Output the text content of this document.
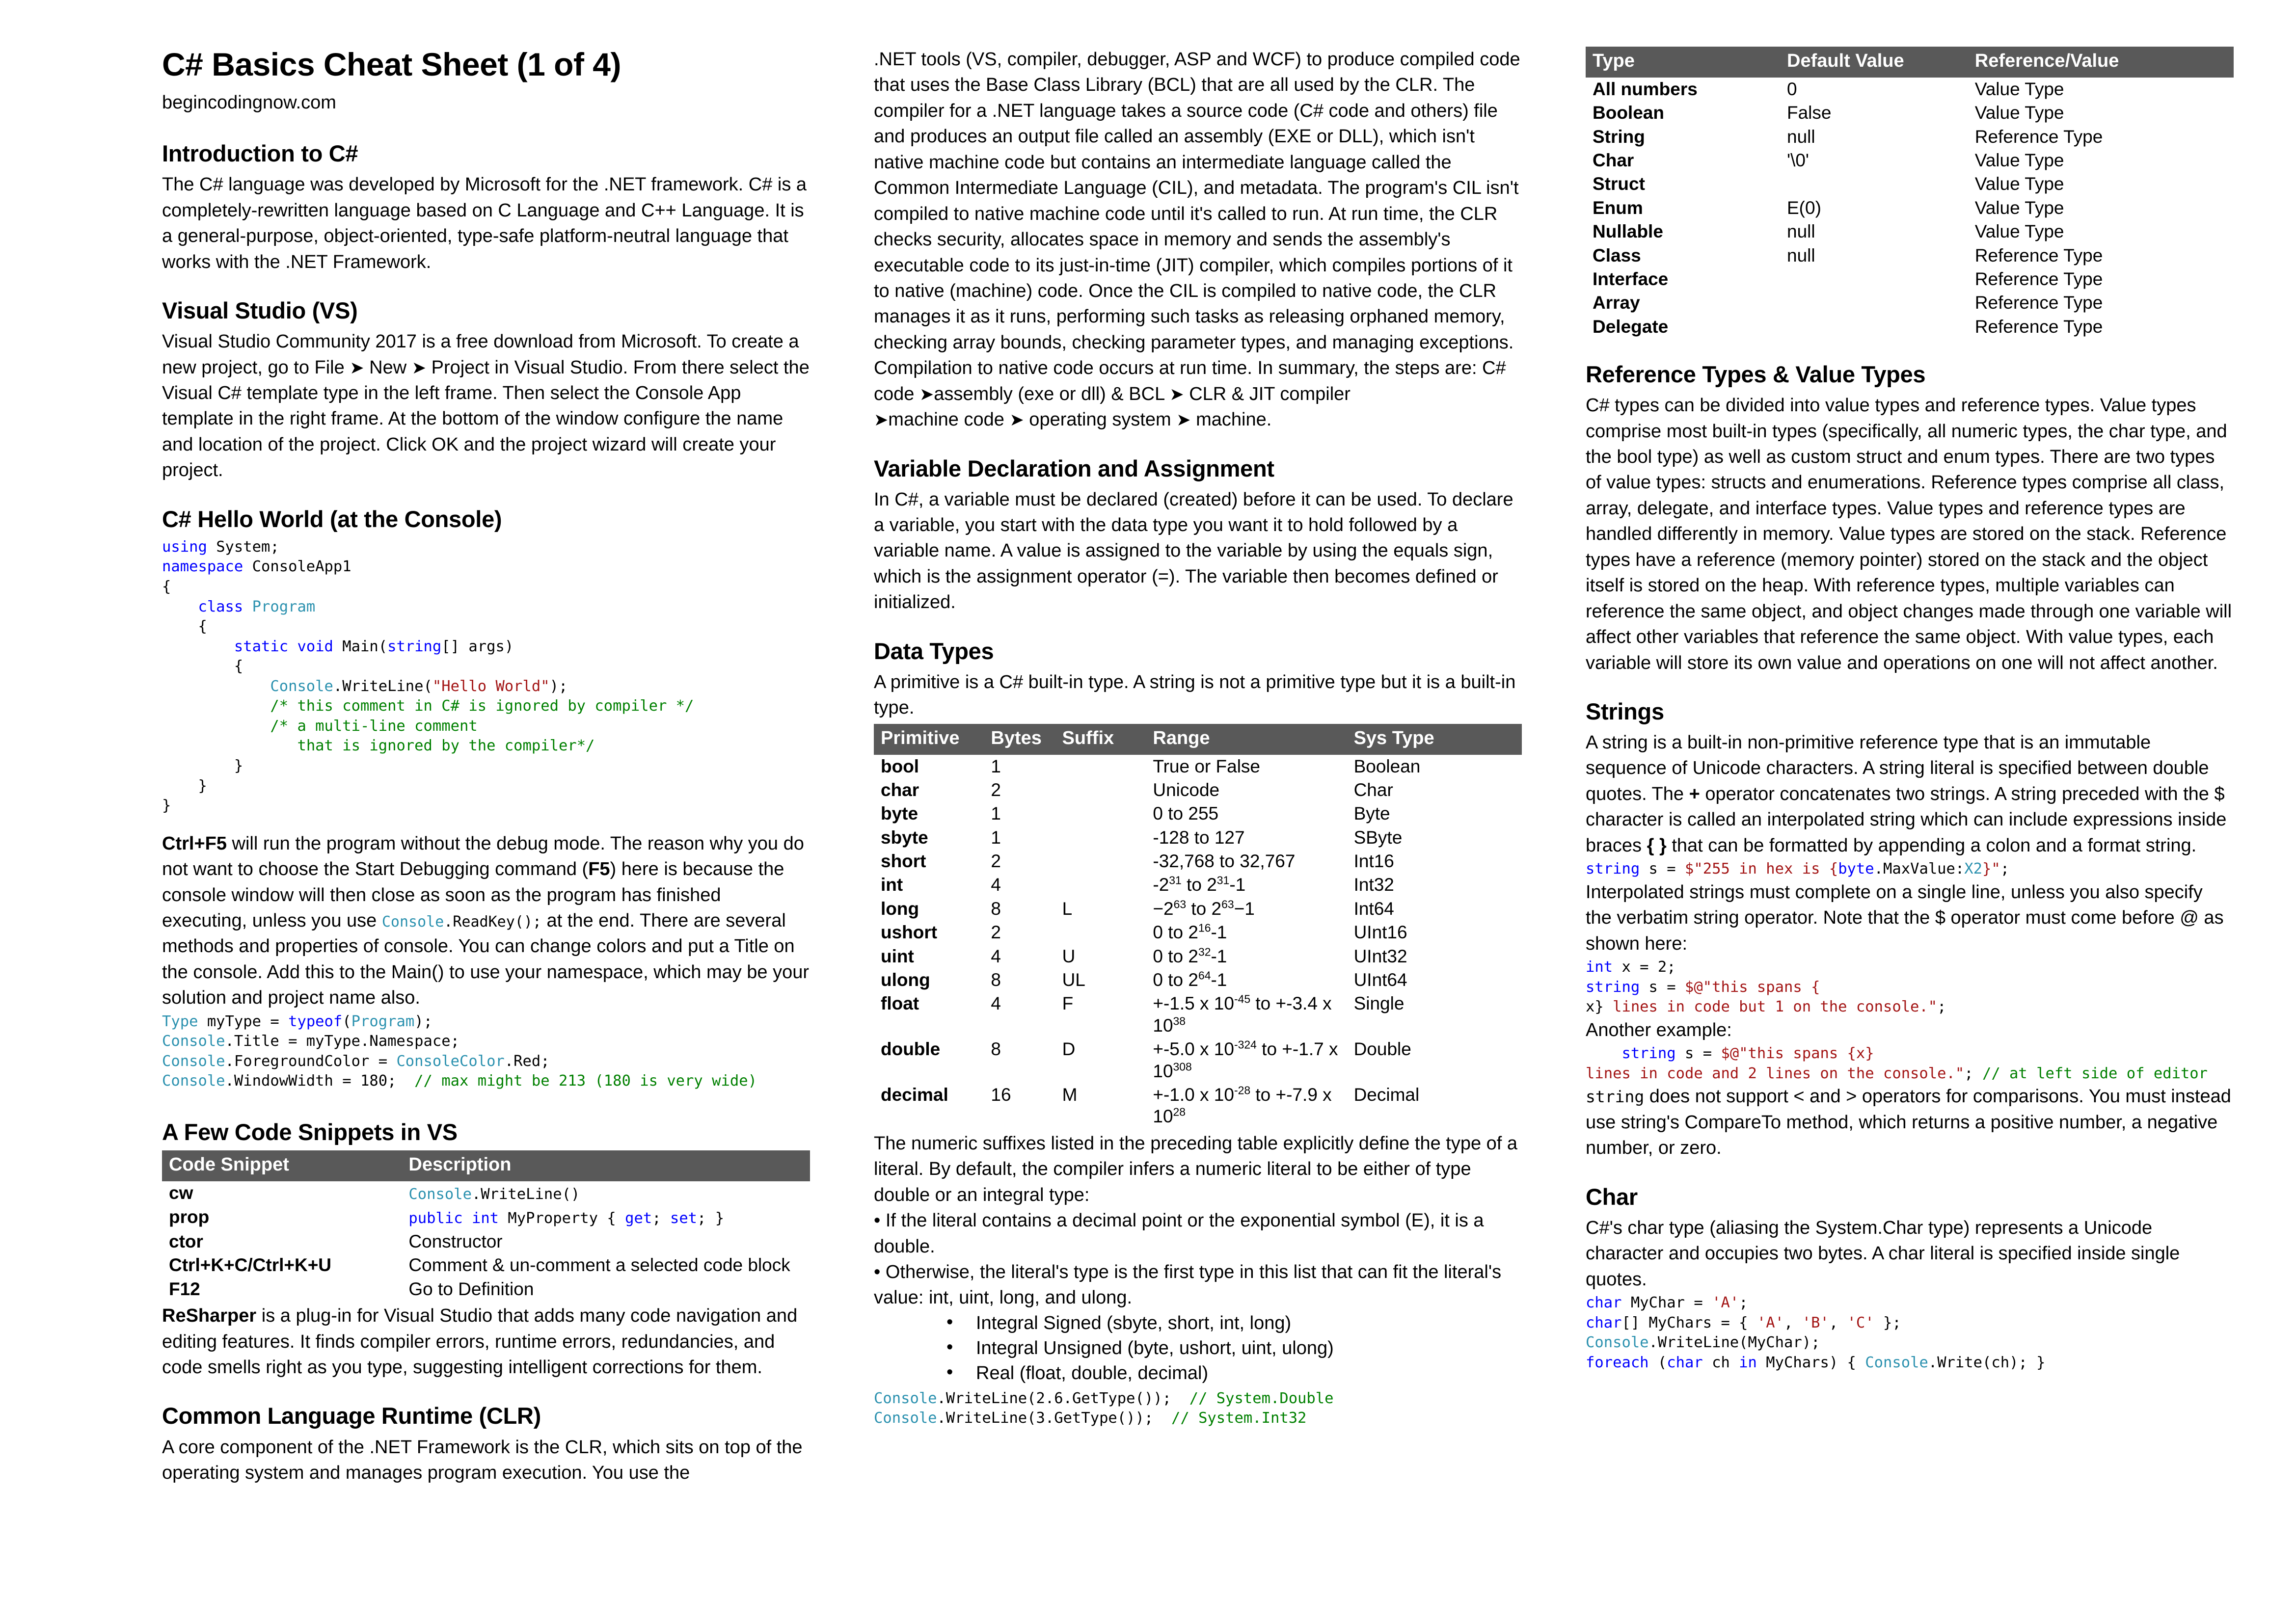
C# Basics Cheat Sheet (1 of 4)
begincodingnow.com
Introduction to C#

The C# language was developed by Microsoft for the .NET framework. C# is a completely-rewritten language based on C Language and C++ Language. It is a general-purpose, object-oriented, type-safe platform-neutral language that works with the .NET Framework.

Visual Studio (VS)

Visual Studio Community 2017 is a free download from Microsoft. To create a new project, go to File ➤ New ➤ Project in Visual Studio. From there select the Visual C# template type in the left frame. Then select the Console App template in the right frame. At the bottom of the window configure the name and location of the project. Click OK and the project wizard will create your project.

C# Hello World (at the Console)
using System;
namespace ConsoleApp1
{
class Program
{
static void Main(string[] args)
{
Console.WriteLine("Hello World");
/* this comment in C# is ignored by compiler */
/* a multi-line comment
that is ignored by the compiler*/
}
}
}

Ctrl+F5 will run the program without the debug mode. The reason why you do not want to choose the Start Debugging command (F5) here is because the console window will then close as soon as the program has finished executing, unless you use Console.ReadKey(); at the end. There are several methods and properties of console. You can change colors and put a Title on the console. Add this to the Main() to use your namespace, which may be your solution and project name also.

Type myType = typeof(Program);
Console.Title = myType.Namespace;
Console.ForegroundColor = ConsoleColor.Red;
Console.WindowWidth = 180;  // max might be 213 (180 is very wide)
A Few Code Snippets in VS
Code Snippet	Description
cw	Console.WriteLine()
prop	public int MyProperty { get; set; }
ctor	Constructor
Ctrl+K+C/Ctrl+K+U	Comment & un-comment a selected code block
F12	Go to Definition

ReSharper is a plug-in for Visual Studio that adds many code navigation and editing features. It finds compiler errors, runtime errors, redundancies, and code smells right as you type, suggesting intelligent corrections for them.

Common Language Runtime (CLR)

A core component of the .NET Framework is the CLR, which sits on top of the operating system and manages program execution. You use the

.NET tools (VS, compiler, debugger, ASP and WCF) to produce compiled code that uses the Base Class Library (BCL) that are all used by the CLR. The compiler for a .NET language takes a source code (C# code and others) file and produces an output file called an assembly (EXE or DLL), which isn't native machine code but contains an intermediate language called the Common Intermediate Language (CIL), and metadata. The program's CIL isn't compiled to native machine code until it's called to run. At run time, the CLR checks security, allocates space in memory and sends the assembly's executable code to its just-in-time (JIT) compiler, which compiles portions of it to native (machine) code. Once the CIL is compiled to native code, the CLR manages it as it runs, performing such tasks as releasing orphaned memory, checking array bounds, checking parameter types, and managing exceptions. Compilation to native code occurs at run time. In summary, the steps are: C# code ➤assembly (exe or dll) & BCL ➤ CLR & JIT compiler
➤machine code ➤ operating system ➤ machine.

Variable Declaration and Assignment

In C#, a variable must be declared (created) before it can be used. To declare a variable, you start with the data type you want it to hold followed by a variable name. A value is assigned to the variable by using the equals sign, which is the assignment operator (=). The variable then becomes defined or initialized.

Data Types

A primitive is a C# built-in type. A string is not a primitive type but it is a built-in type.

Primitive	Bytes	Suffix	Range	Sys Type
bool	1		True or False	Boolean
char	2		Unicode	Char
byte	1		0 to 255	Byte
sbyte	1		-128 to 127	SByte
short	2		-32,768 to 32,767	Int16
int	4		$-2^{31}$ to $2^{31}-1$	Int32
long	8	L	$-2^{63}$ to $2^{63}-1$	Int64
ushort	2		0 to $2^{16}-1$	UInt16
uint	4	U	0 to $2^{32}-1$	UInt32
ulong	8	UL	0 to $2^{64}-1$	UInt64
float	4	F	+-1.5 x $10^{-45}$ to +-3.4 x $10^{38}$	Single
double	8	D	+-5.0 x $10^{-324}$ to +-1.7 x $10^{308}$	Double
decimal	16	M	+-1.0 x $10^{-28}$ to +-7.9 x $10^{28}$	Decimal

The numeric suffixes listed in the preceding table explicitly define the type of a literal. By default, the compiler infers a numeric literal to be either of type double or an integral type:

• If the literal contains a decimal point or the exponential symbol (E), it is a double.

• Otherwise, the literal's type is the first type in this list that can fit the literal's value: int, uint, long, and ulong.

• Integral Signed (sbyte, short, int, long)
• Integral Unsigned (byte, ushort, uint, ulong)
• Real (float, double, decimal)
Console.WriteLine(2.6.GetType());  // System.Double
Console.WriteLine(3.GetType());  // System.Int32
Type	Default Value	Reference/Value
All numbers	0	Value Type
Boolean	False	Value Type
String	null	Reference Type
Char	'\0'	Value Type
Struct		Value Type
Enum	E(0)	Value Type
Nullable	null	Value Type
Class	null	Reference Type
Interface		Reference Type
Array		Reference Type
Delegate		Reference Type
Reference Types & Value Types

C# types can be divided into value types and reference types. Value types comprise most built-in types (specifically, all numeric types, the char type, and the bool type) as well as custom struct and enum types. There are two types of value types: structs and enumerations. Reference types comprise all class, array, delegate, and interface types. Value types and reference types are handled differently in memory. Value types are stored on the stack. Reference types have a reference (memory pointer) stored on the stack and the object itself is stored on the heap. With reference types, multiple variables can reference the same object, and object changes made through one variable will affect other variables that reference the same object. With value types, each variable will store its own value and operations on one will not affect another.

Strings

A string is a built-in non-primitive reference type that is an immutable sequence of Unicode characters. A string literal is specified between double quotes. The + operator concatenates two strings. A string preceded with the $ character is called an interpolated string which can include expressions inside braces { } that can be formatted by appending a colon and a format string.

string s = $"255 in hex is {byte.MaxValue:X2}";

Interpolated strings must complete on a single line, unless you also specify the verbatim string operator. Note that the $ operator must come before @ as shown here:

int x = 2;
string s = $@"this spans {
x} lines in code but 1 on the console.";

Another example:

string s = $@"this spans {x}
lines in code and 2 lines on the console."; // at left side of editor

string does not support < and > operators for comparisons. You must instead use string's CompareTo method, which returns a positive number, a negative number, or zero.

Char

C#'s char type (aliasing the System.Char type) represents a Unicode character and occupies two bytes. A char literal is specified inside single quotes.

char MyChar = 'A';
char[] MyChars = { 'A', 'B', 'C' };
Console.WriteLine(MyChar);
foreach (char ch in MyChars) { Console.Write(ch); }
